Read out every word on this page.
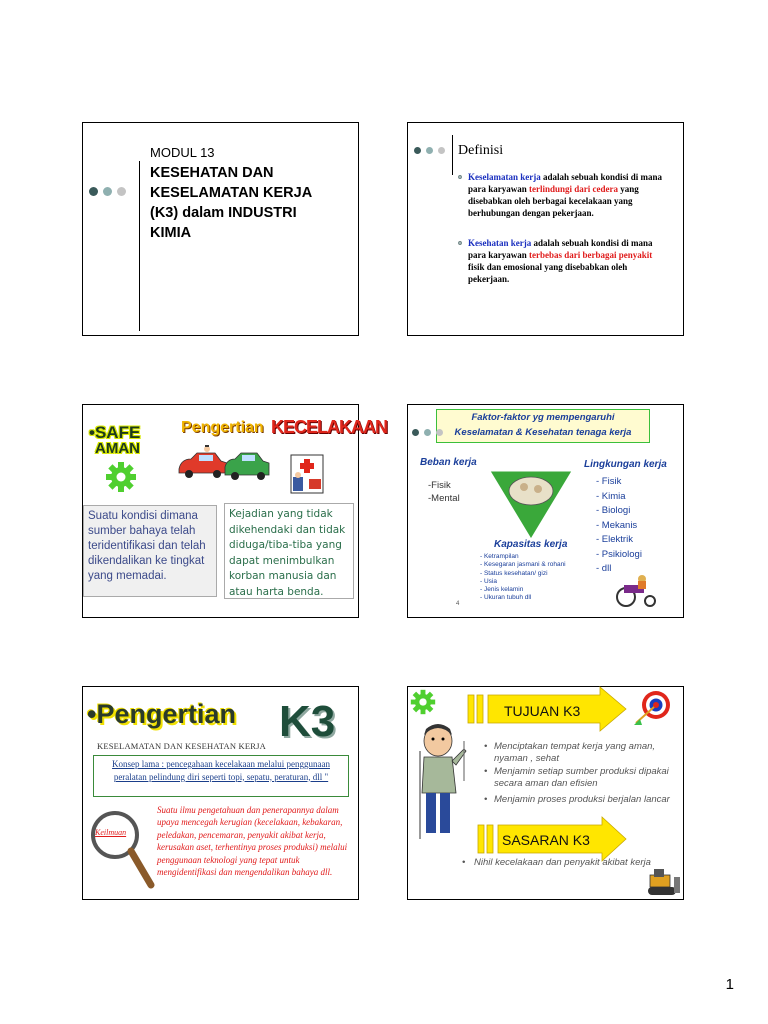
MODUL 13
KESEHATAN DAN
KESELAMATAN KERJA
(K3) dalam INDUSTRI
KIMIA
Definisi
Keselamatan kerja adalah sebuah kondisi di mana para karyawan terlindungi dari cedera yang disebabkan oleh berbagai kecelakaan yang berhubungan dengan pekerjaan.
Kesehatan kerja adalah sebuah kondisi di mana para karyawan terbebas dari berbagai penyakit fisik dan emosional yang disebabkan oleh pekerjaan.
•SAFE
AMAN
Pengertian KECELAKAAN
Suatu kondisi dimana sumber bahaya telah teridentifikasi dan telah dikendalikan ke tingkat yang memadai.
Kejadian yang tidak dikehendaki dan tidak diduga/tiba-tiba yang dapat menimbulkan korban manusia dan atau harta benda.
Faktor-faktor yg mempengaruhi
Keselamatan & Kesehatan tenaga kerja
Beban kerja
-Fisik
-Mental
Lingkungan kerja
- Fisik
- Kimia
- Biologi
- Mekanis
- Elektrik
- Psikiologi
- dll
Kapasitas kerja
- Ketrampilan
- Kesegaran jasmani & rohani
- Status kesehatan/ gizi
- Usia
- Jenis kelamin
- Ukuran tubuh dll
4
•Pengertian K3
KESELAMATAN DAN KESEHATAN KERJA
Konsep lama : pencegahaan kecelakaan melalui penggunaan peralatan pelindung diri seperti topi, sepatu, peraturan, dll "
Keilmuan
Suatu ilmu pengetahuan dan penerapannya dalam upaya mencegah kerugian (kecelakaan, kebakaran, peledakan, pencemaran, penyakit akibat kerja, kerusakan aset, terhentinya proses produksi) melalui penggunaan teknologi yang tepat untuk mengidentifikasi dan mengendalikan bahaya dll.
TUJUAN K3
• Menciptakan tempat kerja yang aman, nyaman , sehat
• Menjamin setiap sumber produksi dipakai secara aman dan efisien
• Menjamin proses produksi berjalan lancar
SASARAN K3
• Nihil kecelakaan dan penyakit akibat kerja
1
